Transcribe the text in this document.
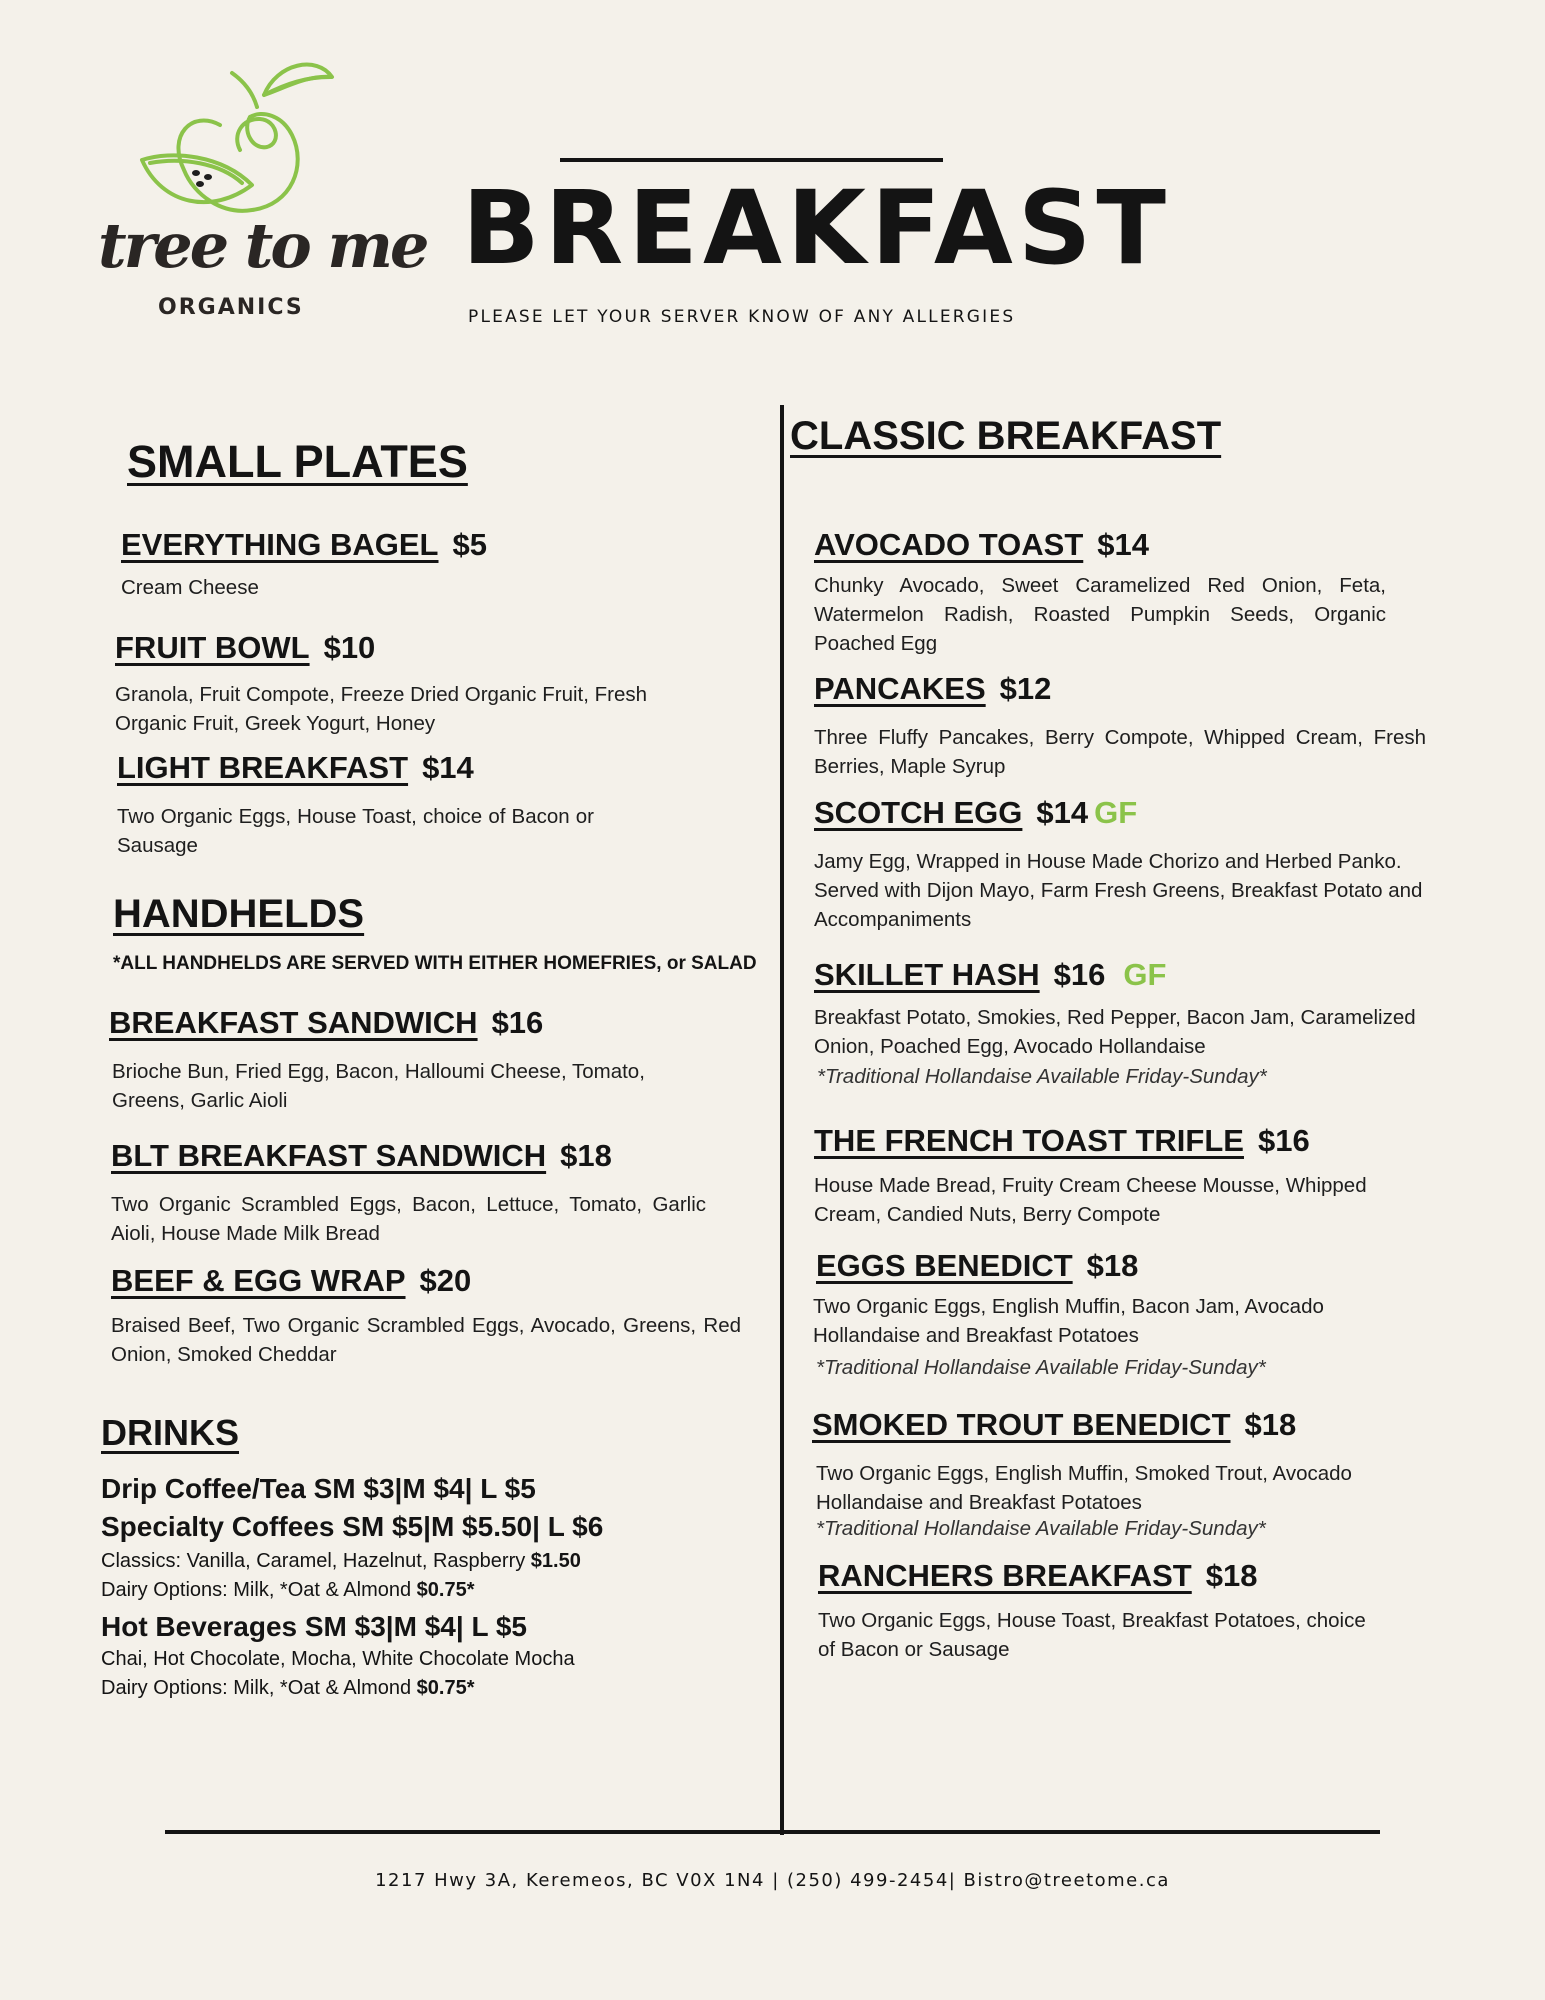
tree to me
ORGANICS
BREAKFAST

PLEASE LET YOUR SERVER KNOW OF ANY ALLERGIES

SMALL PLATES
EVERYTHING BAGEL $5

Cream Cheese

FRUIT BOWL $10

Granola, Fruit Compote, Freeze Dried Organic Fruit, Fresh Organic Fruit, Greek Yogurt, Honey

LIGHT BREAKFAST $14

Two Organic Eggs, House Toast, choice of Bacon or Sausage

HANDHELDS

*ALL HANDHELDS ARE SERVED WITH EITHER HOMEFRIES, or SALAD

BREAKFAST SANDWICH $16

Brioche Bun, Fried Egg, Bacon, Halloumi Cheese, Tomato, Greens, Garlic Aioli

BLT BREAKFAST SANDWICH $18

Two Organic Scrambled Eggs, Bacon, Lettuce, Tomato, Garlic Aioli, House Made Milk Bread

BEEF & EGG WRAP $20

Braised Beef, Two Organic Scrambled Eggs, Avocado, Greens, Red Onion, Smoked Cheddar

DRINKS

Drip Coffee/Tea SM $3|M $4| L $5

Specialty Coffees SM $5|M $5.50| L $6

Classics: Vanilla, Caramel, Hazelnut, Raspberry $1.50

Dairy Options: Milk, *Oat & Almond $0.75*

Hot Beverages SM $3|M $4| L $5

Chai, Hot Chocolate, Mocha, White Chocolate Mocha

Dairy Options: Milk, *Oat & Almond $0.75*

CLASSIC BREAKFAST
AVOCADO TOAST $14

Chunky Avocado, Sweet Caramelized Red Onion, Feta, Watermelon Radish, Roasted Pumpkin Seeds, Organic Poached Egg

PANCAKES $12

Three Fluffy Pancakes, Berry Compote, Whipped Cream, Fresh Berries, Maple Syrup

SCOTCH EGG $14 GF

Jamy Egg, Wrapped in House Made Chorizo and Herbed Panko. Served with Dijon Mayo, Farm Fresh Greens, Breakfast Potato and Accompaniments

SKILLET HASH $16 GF

Breakfast Potato, Smokies, Red Pepper, Bacon Jam, Caramelized Onion, Poached Egg, Avocado Hollandaise

*Traditional Hollandaise Available Friday-Sunday*

THE FRENCH TOAST TRIFLE $16

House Made Bread, Fruity Cream Cheese Mousse, Whipped Cream, Candied Nuts, Berry Compote

EGGS BENEDICT $18

Two Organic Eggs, English Muffin, Bacon Jam, Avocado Hollandaise and Breakfast Potatoes

*Traditional Hollandaise Available Friday-Sunday*

SMOKED TROUT BENEDICT $18

Two Organic Eggs, English Muffin, Smoked Trout, Avocado Hollandaise and Breakfast Potatoes

*Traditional Hollandaise Available Friday-Sunday*

RANCHERS BREAKFAST $18

Two Organic Eggs, House Toast, Breakfast Potatoes, choice of Bacon or Sausage

1217 Hwy 3A, Keremeos, BC V0X 1N4 | (250) 499-2454| Bistro@treetome.ca
